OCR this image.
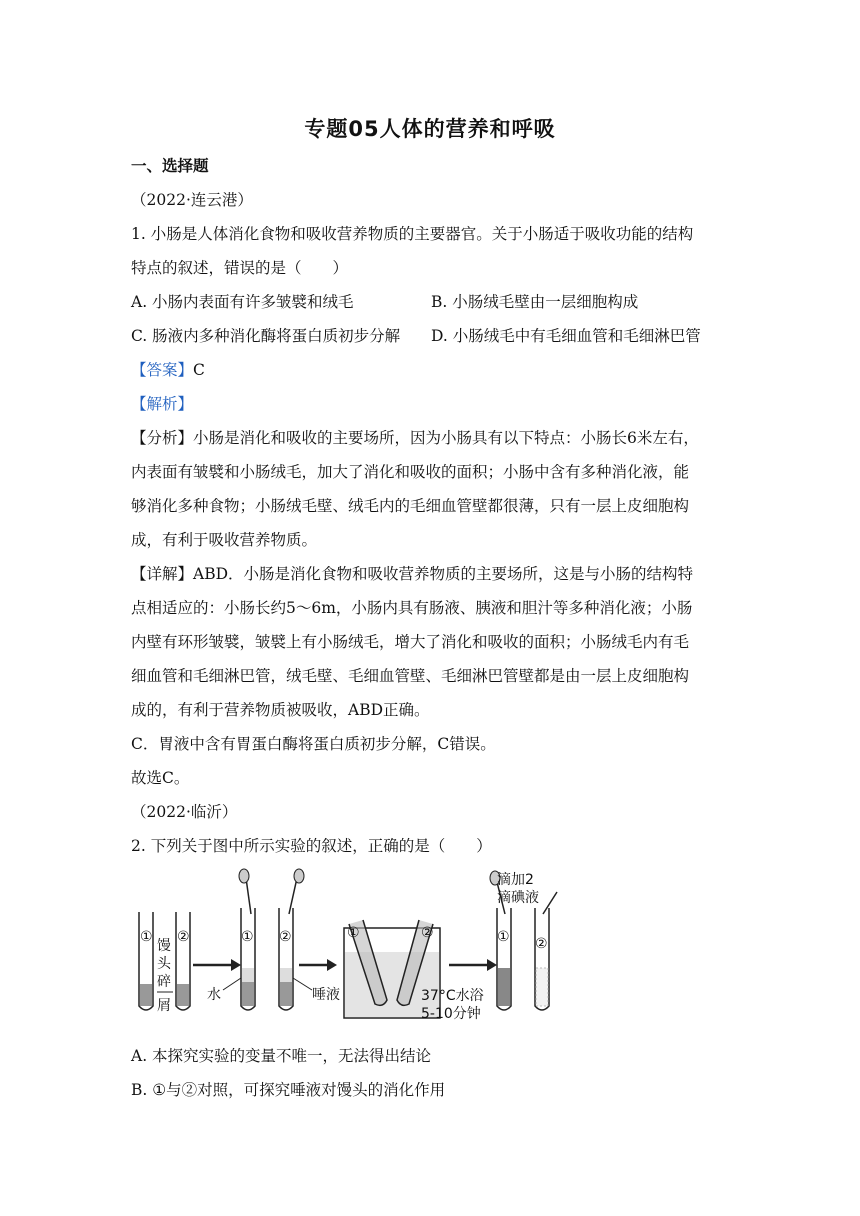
专题05人体的营养和呼吸
一、选择题
（2022·连云港）
1. 小肠是人体消化食物和吸收营养物质的主要器官。关于小肠适于吸收功能的结构
特点的叙述，错误的是（　　）
A. 小肠内表面有许多皱襞和绒毛	B. 小肠绒毛壁由一层细胞构成
C. 肠液内多种消化酶将蛋白质初步分解	D. 小肠绒毛中有毛细血管和毛细淋巴管
【答案】C
【解析】
【分析】小肠是消化和吸收的主要场所，因为小肠具有以下特点：小肠长6米左右，
内表面有皱襞和小肠绒毛，加大了消化和吸收的面积；小肠中含有多种消化液，能
够消化多种食物；小肠绒毛壁、绒毛内的毛细血管壁都很薄，只有一层上皮细胞构
成，有利于吸收营养物质。
【详解】ABD．小肠是消化食物和吸收营养物质的主要场所，这是与小肠的结构特
点相适应的：小肠长约5～6m，小肠内具有肠液、胰液和胆汁等多种消化液；小肠
内壁有环形皱襞，皱襞上有小肠绒毛，增大了消化和吸收的面积；小肠绒毛内有毛
细血管和毛细淋巴管，绒毛壁、毛细血管壁、毛细淋巴管壁都是由一层上皮细胞构
成的，有利于营养物质被吸收，ABD正确。
C．胃液中含有胃蛋白酶将蛋白质初步分解，C错误。
故选C。
（2022·临沂）
2. 下列关于图中所示实验的叙述，正确的是（　　）
① ②
馒
头
碎
屑
① ②
水	唾液
①	②
37°C水浴
5-10分钟
① ②
滴加2
滴碘液
A. 本探究实验的变量不唯一，无法得出结论
B. ①与②对照，可探究唾液对馒头的消化作用
